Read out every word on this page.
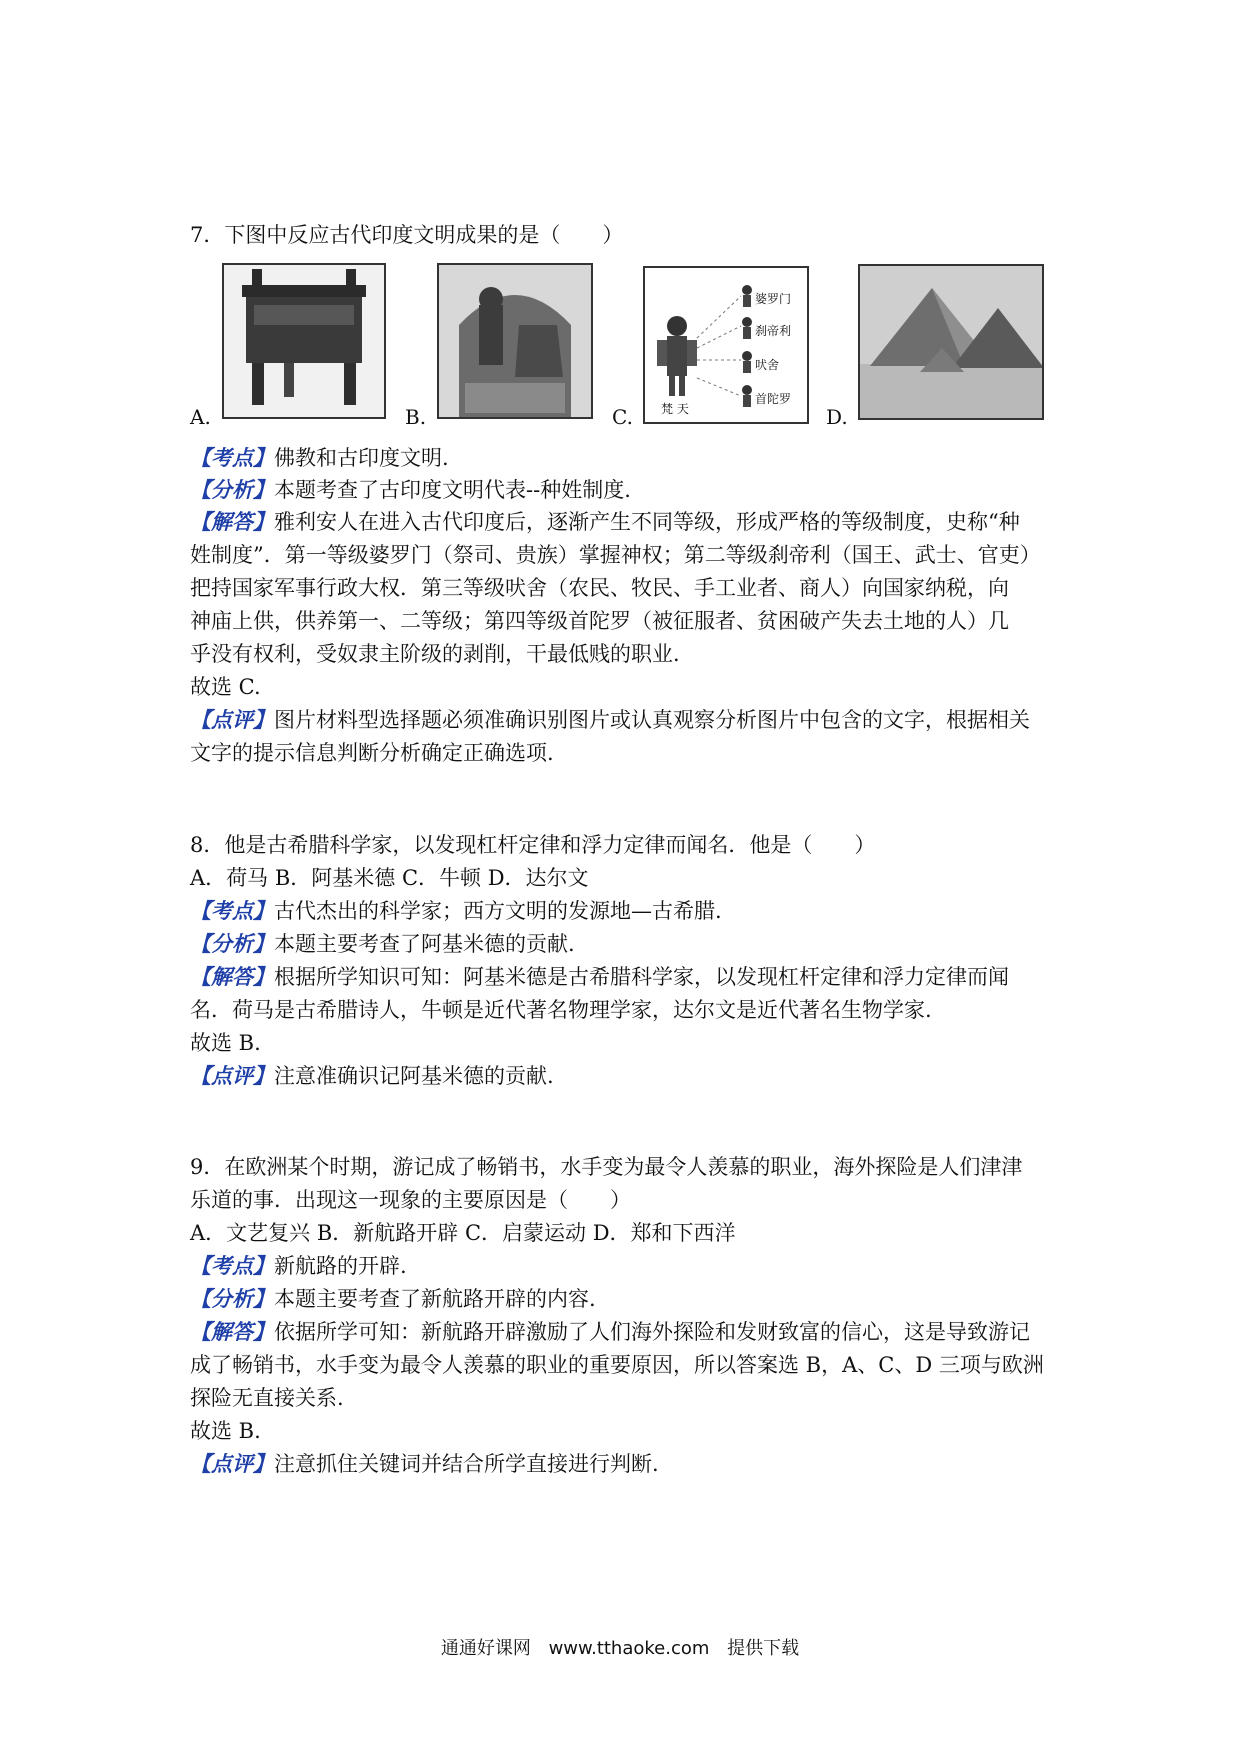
7．下图中反应古代印度文明成果的是（　　）
A.	B.
婆罗门
刹帝利
吠舍
首陀罗
梵 天
C.	D.
【考点】佛教和古印度文明.
【分析】本题考查了古印度文明代表--种姓制度.
【解答】雅利安人在进入古代印度后，逐渐产生不同等级，形成严格的等级制度，史称“种
姓制度”．第一等级婆罗门（祭司、贵族）掌握神权；第二等级刹帝利（国王、武士、官吏）
把持国家军事行政大权．第三等级吠舍（农民、牧民、手工业者、商人）向国家纳税，向
神庙上供，供养第一、二等级；第四等级首陀罗（被征服者、贫困破产失去土地的人）几
乎没有权利，受奴隶主阶级的剥削，干最低贱的职业．
故选 C.
【点评】图片材料型选择题必须准确识别图片或认真观察分析图片中包含的文字，根据相关
文字的提示信息判断分析确定正确选项.
8．他是古希腊科学家，以发现杠杆定律和浮力定律而闻名．他是（　　）
A．荷马 B．阿基米德 C．牛顿 D．达尔文
【考点】古代杰出的科学家；西方文明的发源地—古希腊.
【分析】本题主要考查了阿基米德的贡献.
【解答】根据所学知识可知：阿基米德是古希腊科学家，以发现杠杆定律和浮力定律而闻
名．荷马是古希腊诗人，牛顿是近代著名物理学家，达尔文是近代著名生物学家.
故选 B.
【点评】注意准确识记阿基米德的贡献.
9．在欧洲某个时期，游记成了畅销书，水手变为最令人羡慕的职业，海外探险是人们津津
乐道的事．出现这一现象的主要原因是（　　）
A．文艺复兴 B．新航路开辟 C．启蒙运动 D．郑和下西洋
【考点】新航路的开辟.
【分析】本题主要考查了新航路开辟的内容.
【解答】依据所学可知：新航路开辟激励了人们海外探险和发财致富的信心，这是导致游记
成了畅销书，水手变为最令人羡慕的职业的重要原因，所以答案选 B，A、C、D 三项与欧洲
探险无直接关系.
故选 B.
【点评】注意抓住关键词并结合所学直接进行判断.
通通好课网 www.tthaoke.com 提供下载
